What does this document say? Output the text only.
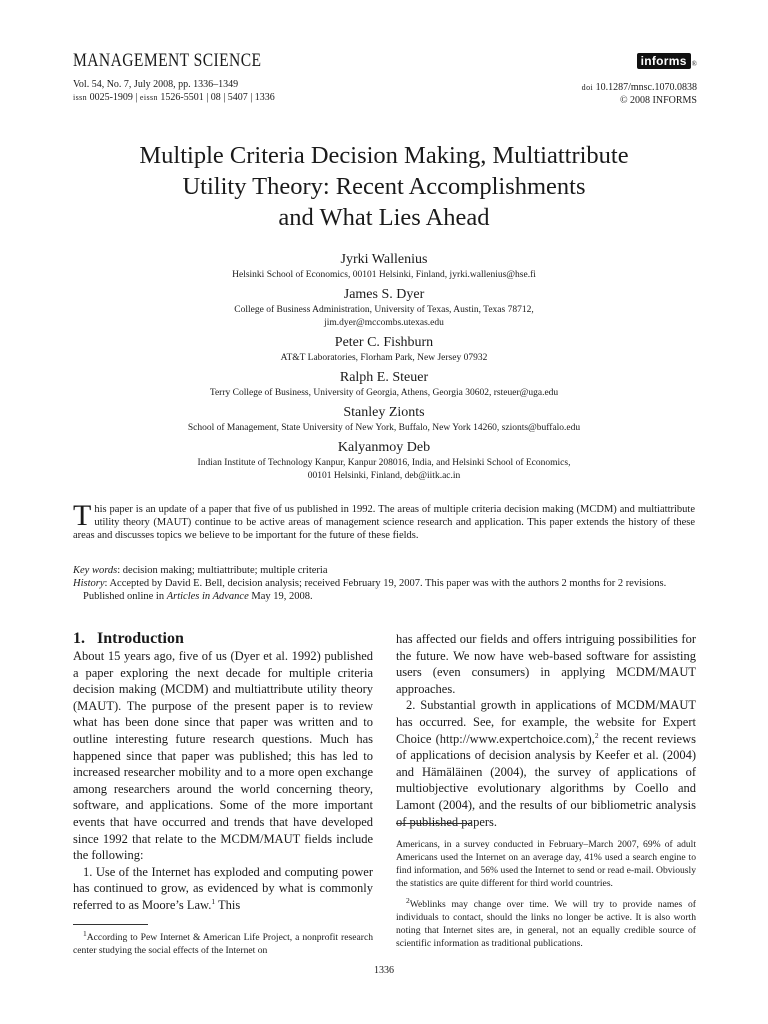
MANAGEMENT SCIENCE
Vol. 54, No. 7, July 2008, pp. 1336–1349
issn 0025-1909 | eissn 1526-5501 | 08 | 5407 | 1336
informs ®
doi 10.1287/mnsc.1070.0838
© 2008 INFORMS
Multiple Criteria Decision Making, Multiattribute
Utility Theory: Recent Accomplishments
and What Lies Ahead

Jyrki Wallenius

Helsinki School of Economics, 00101 Helsinki, Finland, jyrki.wallenius@hse.fi

James S. Dyer

College of Business Administration, University of Texas, Austin, Texas 78712,

jim.dyer@mccombs.utexas.edu

Peter C. Fishburn

AT&T Laboratories, Florham Park, New Jersey 07932

Ralph E. Steuer

Terry College of Business, University of Georgia, Athens, Georgia 30602, rsteuer@uga.edu

Stanley Zionts

School of Management, State University of New York, Buffalo, New York 14260, szionts@buffalo.edu

Kalyanmoy Deb

Indian Institute of Technology Kanpur, Kanpur 208016, India, and Helsinki School of Economics,

00101 Helsinki, Finland, deb@iitk.ac.in

This paper is an update of a paper that five of us published in 1992. The areas of multiple criteria decision making (MCDM) and multiattribute utility theory (MAUT) continue to be active areas of management science research and application. This paper extends the history of these areas and discusses topics we believe to be important for the future of these fields.
Key words: decision making; multiattribute; multiple criteria
History: Accepted by David E. Bell, decision analysis; received February 19, 2007. This paper was with the authors 2 months for 2 revisions. Published online in Articles in Advance May 19, 2008.
1. Introduction

About 15 years ago, five of us (Dyer et al. 1992) published a paper exploring the next decade for multiple criteria decision making (MCDM) and multiattribute utility theory (MAUT). The purpose of the present paper is to review what has been done since that paper was written and to outline interesting future research questions. Much has happened since that paper was published; this has led to increased researcher mobility and to a more open exchange among researchers around the world concerning theory, software, and applications. Some of the more important events that have occurred and trends that have developed since 1992 that relate to the MCDM/MAUT fields include the following:

1. Use of the Internet has exploded and computing power has continued to grow, as evidenced by what is commonly referred to as Moore’s Law.$^1$ This

has affected our fields and offers intriguing possibilities for the future. We now have web-based software for assisting users (even consumers) in applying MCDM/MAUT approaches.

2. Substantial growth in applications of MCDM/MAUT has occurred. See, for example, the website for Expert Choice (http://www.expertchoice.com),$^2$ the recent reviews of applications of decision analysis by Keefer et al. (2004) and Hämäläinen (2004), the survey of applications of multiobjective evolutionary algorithms by Coello and Lamont (2004), and the results of our bibliometric analysis of published papers.

$^1$According to Pew Internet & American Life Project, a nonprofit research center studying the social effects of the Internet on

Americans, in a survey conducted in February–March 2007, 69% of adult Americans used the Internet on an average day, 41% used a search engine to find information, and 56% used the Internet to send or read e-mail. Obviously the statistics are quite different for third world countries.

$^2$Weblinks may change over time. We will try to provide names of individuals to contact, should the links no longer be active. It is also worth noting that Internet sites are, in general, not an equally credible source of scientific information as traditional publications.

1336
